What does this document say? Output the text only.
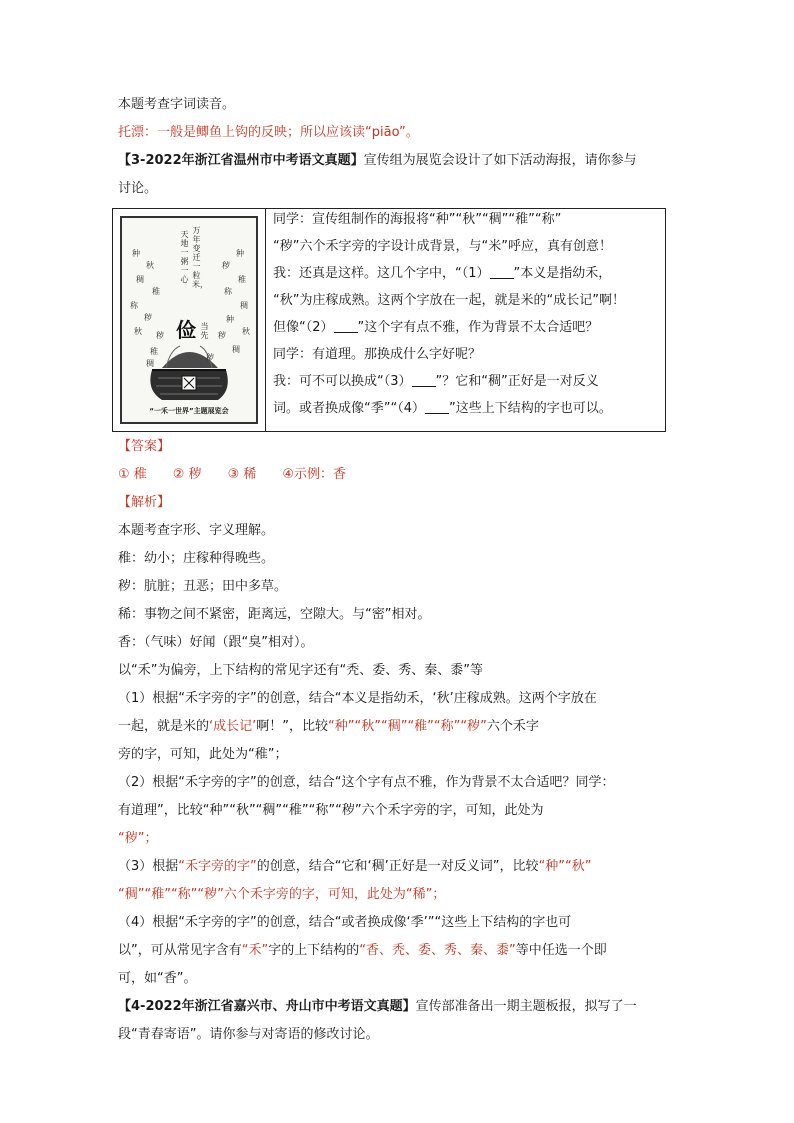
本题考查字词读音。
托漂：一般是鲫鱼上钩的反映；所以应该读“piāo”。
【3-2022年浙江省温州市中考语文真题】宣传组为展览会设计了如下活动海报，请你参与
讨论。
种
秋
稠
稚
称
秽
秋 秽
稚
稠
种
秽
稚
称
稠
种
秋
秽
稠
秽
万年变迁一粒米，
天地一粥一心
俭 当先
“一禾一世界”主题展览会
同学：宣传组制作的海报将“种”“秋”“稠”“稚”“称”
“秽”六个禾字旁的字设计成背景，与“米”呼应，真有创意！
我：还真是这样。这几个字中，“（1） ”本义是指幼禾，
“秋”为庄稼成熟。这两个字放在一起，就是米的“成长记”啊！
但像“（2） ”这个字有点不雅，作为背景不太合适吧？
同学：有道理。那换成什么字好呢？
我：可不可以换成“（3） ”？它和“稠”正好是一对反义
词。或者换成像“季”“（4） ”这些上下结构的字也可以。
【答案】
① 稚　　② 秽　　③ 稀　　④示例：香
【解析】
本题考查字形、字义理解。
稚：幼小；庄稼种得晚些。
秽：肮脏；丑恶；田中多草。
稀：事物之间不紧密，距离远，空隙大。与“密”相对。
香：（气味）好闻（跟“臭”相对）。
以“禾”为偏旁，上下结构的常见字还有“秃、委、秀、秦、黍”等
（1）根据“禾字旁的字”的创意，结合“本义是指幼禾，‘秋’庄稼成熟。这两个字放在
一起，就是米的‘成长记’啊！”，比较“种”“秋”“稠”“稚”“称”“秽”六个禾字
旁的字，可知，此处为“稚”；
（2）根据“禾字旁的字”的创意，结合“这个字有点不雅，作为背景不太合适吧？同学：
有道理”，比较“种”“秋”“稠”“稚”“称”“秽”六个禾字旁的字，可知，此处为
“秽”；
（3）根据“禾字旁的字”的创意，结合“它和‘稠’正好是一对反义词”，比较“种”“秋”
“稠”“稚”“称”“秽”六个禾字旁的字，可知，此处为“稀”；
（4）根据“禾字旁的字”的创意，结合“或者换成像‘季’”“这些上下结构的字也可
以”，可从常见字含有“禾”字的上下结构的“香、秃、委、秀、秦、黍”等中任选一个即
可，如“香”。
【4-2022年浙江省嘉兴市、舟山市中考语文真题】宣传部准备出一期主题板报，拟写了一
段“青春寄语”。请你参与对寄语的修改讨论。
